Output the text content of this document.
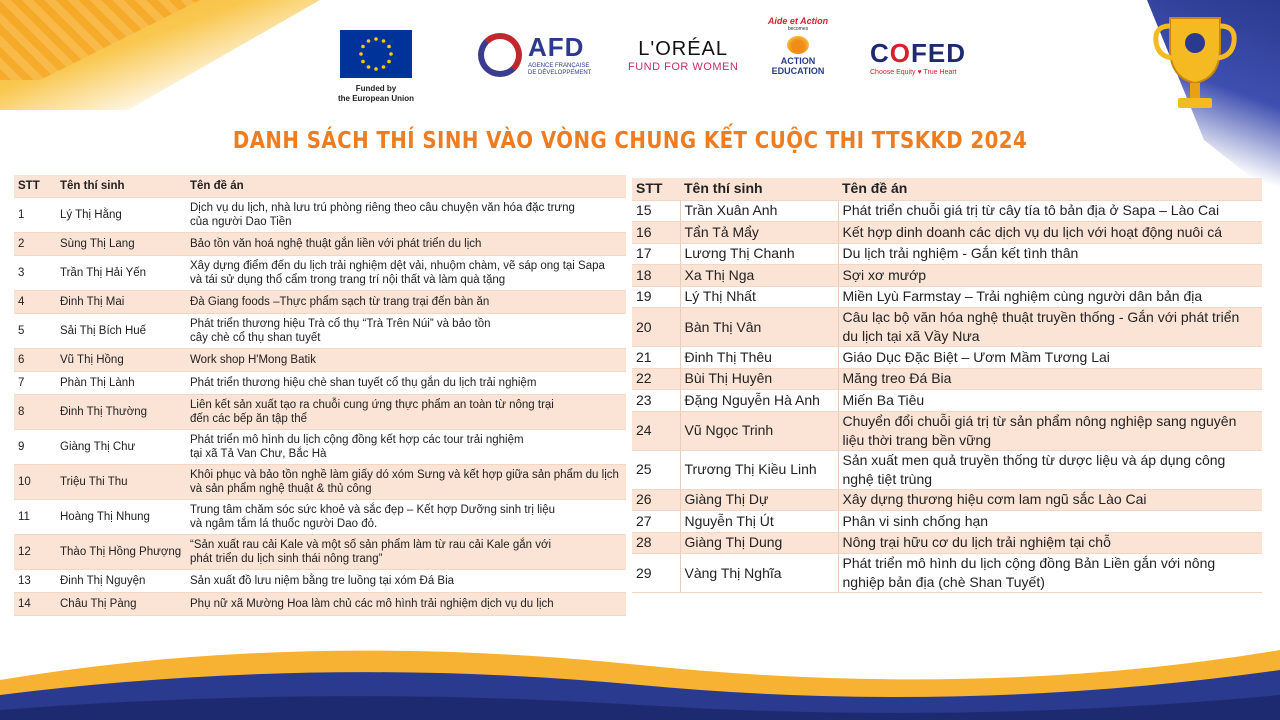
Funded by
the European Union
AFD
AGENCE FRANÇAISE
DE DÉVELOPPEMENT
L'ORÉAL
FUND FOR WOMEN
Aide et Action
becomes
ACTION
EDUCATION
COFED
Choose Equity ♥ True Heart
DANH SÁCH THÍ SINH VÀO VÒNG CHUNG KẾT CUỘC THI TTSKKD 2024
STT	Tên thí sinh	Tên đề án
1	Lý Thị Hằng	Dịch vụ du lịch, nhà lưu trú phòng riêng theo câu chuyện văn hóa đặc trưng
của người Dao Tiền

2	Sùng Thị Lang	Bảo tồn văn hoá nghệ thuật gắn liền với phát triển du lịch

3	Trần Thị Hải Yến	Xây dựng điểm đến du lịch trải nghiệm dệt vải, nhuộm chàm, vẽ sáp ong tại Sapa
và tái sử dụng thổ cẩm trong trang trí nội thất và làm quà tặng

4	Đinh Thị Mai	Đà Giang foods –Thực phẩm sạch từ trang trại đến bàn ăn

5	Sải Thị Bích Huế	Phát triển thương hiệu Trà cổ thụ “Trà Trên Núi” và bảo tồn
cây chè cổ thụ shan tuyết

6	Vũ Thị Hồng	Work shop H'Mong Batik

7	Phàn Thị Lành	Phát triển thương hiệu chè shan tuyết cổ thụ gắn du lịch trải nghiệm

8	Đinh Thị Thường	Liên kết sản xuất tạo ra chuỗi cung ứng thực phẩm an toàn từ nông trại
đến các bếp ăn tập thể

9	Giàng Thị Chư	Phát triển mô hình du lịch cộng đồng kết hợp các tour trải nghiệm
tại xã Tả Van Chư, Bắc Hà

10	Triệu Thi Thu	Khôi phục và bảo tồn nghề làm giấy dó xóm Sưng và kết hợp giữa sản phẩm du lịch
và sản phẩm nghệ thuật & thủ công

11	Hoàng Thị Nhung	Trung tâm chăm sóc sức khoẻ và sắc đẹp – Kết hợp Dưỡng sinh trị liệu
và ngâm tắm lá thuốc người Dao đỏ.

12	Thào Thị Hồng Phượng	“Sản xuất rau cải Kale và một số sản phẩm làm từ rau cải Kale gắn với
phát triển du lịch sinh thái nông trang”

13	Đinh Thị Nguyện	Sản xuất đồ lưu niệm bằng tre luồng tại xóm Đá Bia

14	Châu Thị Pàng	Phụ nữ xã Mường Hoa làm chủ các mô hình trải nghiệm dịch vụ du lịch
STT	Tên thí sinh	Tên đề án
15	Trần Xuân Anh	Phát triển chuỗi giá trị từ cây tía tô bản địa ở Sapa – Lào Cai

16	Tẩn Tả Mẩy	Kết hợp dinh doanh các dịch vụ du lịch với hoạt động nuôi cá

17	Lương Thị Chanh	Du lịch trải nghiệm - Gắn kết tình thân

18	Xa Thị Nga	Sợi xơ mướp

19	Lý Thị Nhất	Miền Lyù Farmstay – Trải nghiệm cùng người dân bản địa

20	Bàn Thị Vân	Câu lạc bộ văn hóa nghệ thuật truyền thống - Gắn với phát triển
du lịch tại xã Vầy Nưa

21	Đinh Thị Thêu	Giáo Dục Đặc Biệt – Ươm Mầm Tương Lai

22	Bùi Thị Huyên	Măng treo Đá Bia

23	Đặng Nguyễn Hà Anh	Miến Ba Tiêu

24	Vũ Ngọc Trinh	Chuyển đổi chuỗi giá trị từ sản phẩm nông nghiệp sang nguyên
liệu thời trang bền vững

25	Trương Thị Kiều Linh	Sản xuất men quả truyền thống từ dược liệu và áp dụng công
nghệ tiệt trùng

26	Giàng Thị Dự	Xây dựng thương hiệu cơm lam ngũ sắc Lào Cai

27	Nguyễn Thị Út	Phân vi sinh chống hạn

28	Giàng Thị Dung	Nông trại hữu cơ du lịch trải nghiệm tại chỗ

29	Vàng Thị Nghĩa	Phát triển mô hình du lịch cộng đồng Bản Liền gắn với nông
nghiệp bản địa (chè Shan Tuyết)
